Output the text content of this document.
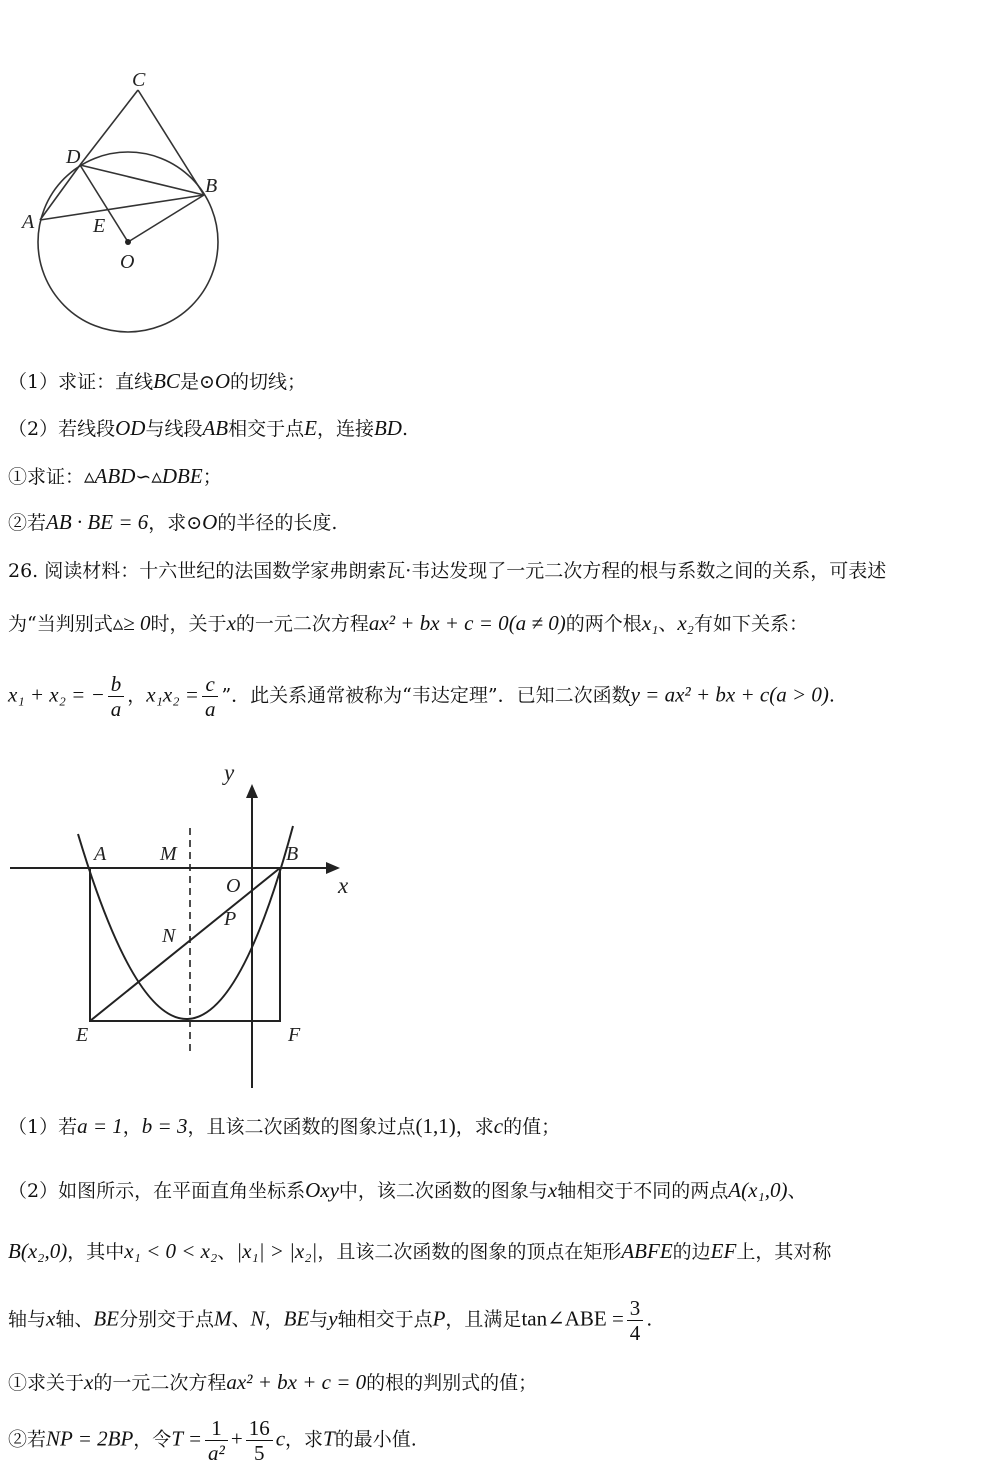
C
D
B
A	E
O
（1）求证：直线BC是⊙O的切线；
（2）若线段OD与线段AB相交于点E，连接BD.
①求证：▵ABD∽▵DBE；
②若AB · BE = 6，求⊙O的半径的长度.
26. 阅读材料：十六世纪的法国数学家弗朗索瓦·韦达发现了一元二次方程的根与系数之间的关系，可表述
为“当判别式▵≥ 0时，关于x的一元二次方程ax² + bx + c = 0(a ≠ 0)的两个根x₁、x₂有如下关系：
x₁ + x₂ = − $\frac{b}{a}$ ，$x_1x_2 = \frac{c}{a}$ ”．此关系通常被称为“韦达定理”．已知二次函数y = ax² + bx + c(a > 0).
y
x
A	M	B
O
P
N
E	F
（1）若a = 1，b = 3，且该二次函数的图象过点(1,1)，求c的值；
（2）如图所示，在平面直角坐标系Oxy中，该二次函数的图象与x轴相交于不同的两点A(x₁,0)、
B(x₂,0)，其中x₁ < 0 < x₂、|x₁| > |x₂|，且该二次函数的图象的顶点在矩形ABFE的边EF上，其对称
轴与x轴、BE分别交于点M、N，BE与y轴相交于点P，且满足tan∠ABE = $\frac{3}{4}$ .
①求关于x的一元二次方程ax² + bx + c = 0的根的判别式的值；
②若NP = 2BP，令$T = \frac{1}{\text{a²}} + \frac{16}{5}$ c，求T的最小值.
